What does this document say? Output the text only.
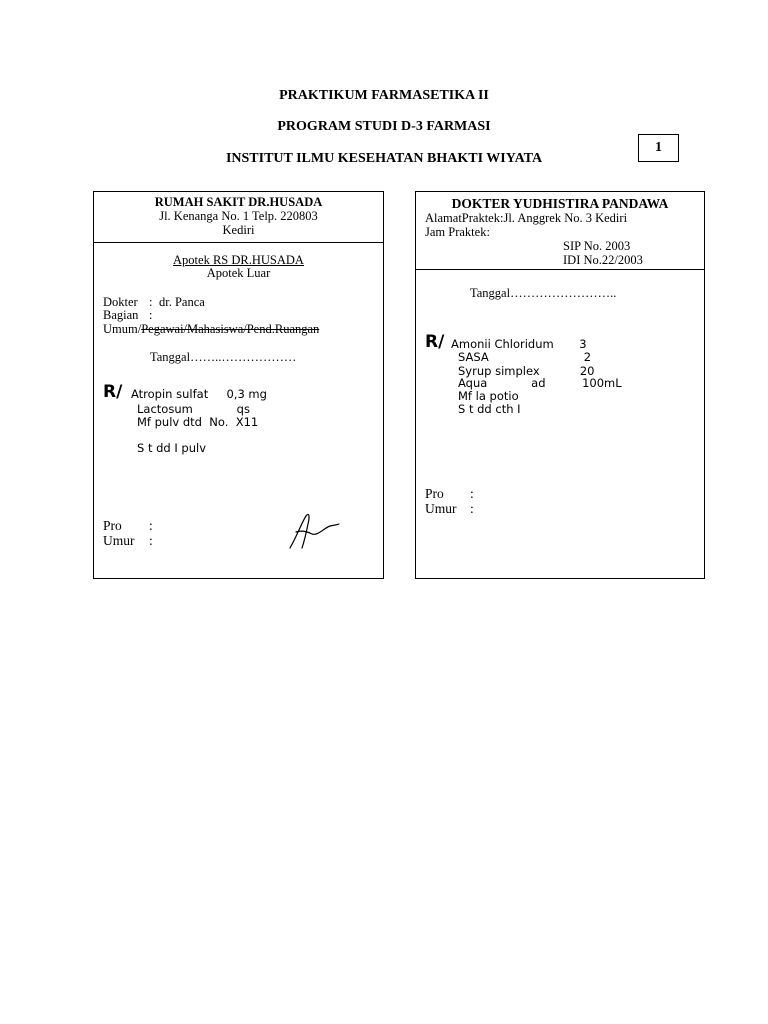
PRAKTIKUM FARMASETIKA II
PROGRAM STUDI D-3 FARMASI
INSTITUT ILMU KESEHATAN BHAKTI WIYATA
1
RUMAH SAKIT DR.HUSADA
Jl. Kenanga No. 1 Telp. 220803
Kediri
Apotek RS DR.HUSADA
Apotek Luar
Dokter : dr. Panca
Bagian :
Umum/Pegawai/Mahasiswa/Pend.Ruangan
Tanggal……..………………
R/ Atropin sulfat     0,3 mg
Lactosum            qs
Mf pulv dtd  No.  X11
S t dd I pulv
Pro :
Umur :
DOKTER YUDHISTIRA PANDAWA
AlamatPraktek:Jl. Anggrek No. 3 Kediri
Jam Praktek:
SIP No. 2003
IDI No.22/2003
Tanggal……………………..
R/ Amonii Chloridum       3
SASA                          2
Syrup simplex           20
Aqua            ad          100mL
Mf la potio
S t dd cth I
Pro :
Umur :
